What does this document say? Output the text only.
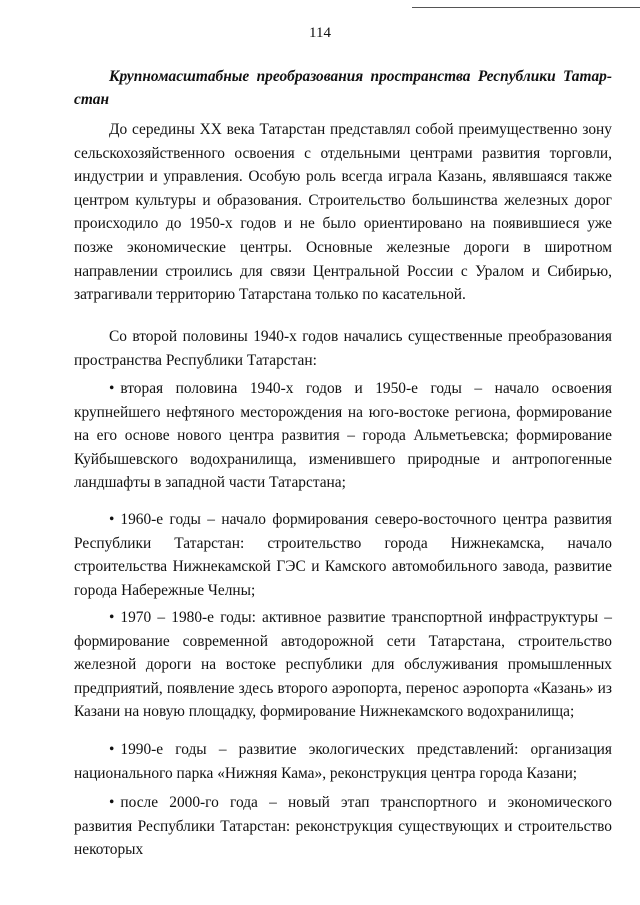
114
Крупномасштабные преобразования пространства Республики Татар-
стан

До середины XX века Татарстан представлял собой преимущественно зону сельскохозяйственного освоения с отдельными центрами развития торговли, индустрии и управления. Особую роль всегда играла Казань, являвшаяся также центром культуры и образования. Строительство большинства железных дорог происходило до 1950-х годов и не было ориентировано на появившиеся уже позже экономические центры. Основные железные дороги в широтном направлении строились для связи Центральной России с Уралом и Сибирью, затрагивали территорию Татарстана только по касательной.

Со второй половины 1940-х годов начались существенные преобразования пространства Республики Татарстан:

• вторая половина 1940-х годов и 1950-е годы – начало освоения крупнейшего нефтяного месторождения на юго-востоке региона, формирование на его основе нового центра развития – города Альметьевска; формирование Куйбышевского водохранилища, изменившего природные и антропогенные ландшафты в западной части Татарстана;

• 1960-е годы – начало формирования северо-восточного центра развития Республики Татарстан: строительство города Нижнекамска, начало строительства Нижнекамской ГЭС и Камского автомобильного завода, развитие города Набережные Челны;

• 1970 – 1980-е годы: активное развитие транспортной инфраструктуры – формирование современной автодорожной сети Татарстана, строительство железной дороги на востоке республики для обслуживания промышленных предприятий, появление здесь второго аэропорта, перенос аэропорта «Казань» из Казани на новую площадку, формирование Нижнекамского водохранилища;

• 1990-е годы – развитие экологических представлений: организация национального парка «Нижняя Кама», реконструкция центра города Казани;

• после 2000-го года – новый этап транспортного и экономического развития Республики Татарстан: реконструкция существующих и строительство некоторых
